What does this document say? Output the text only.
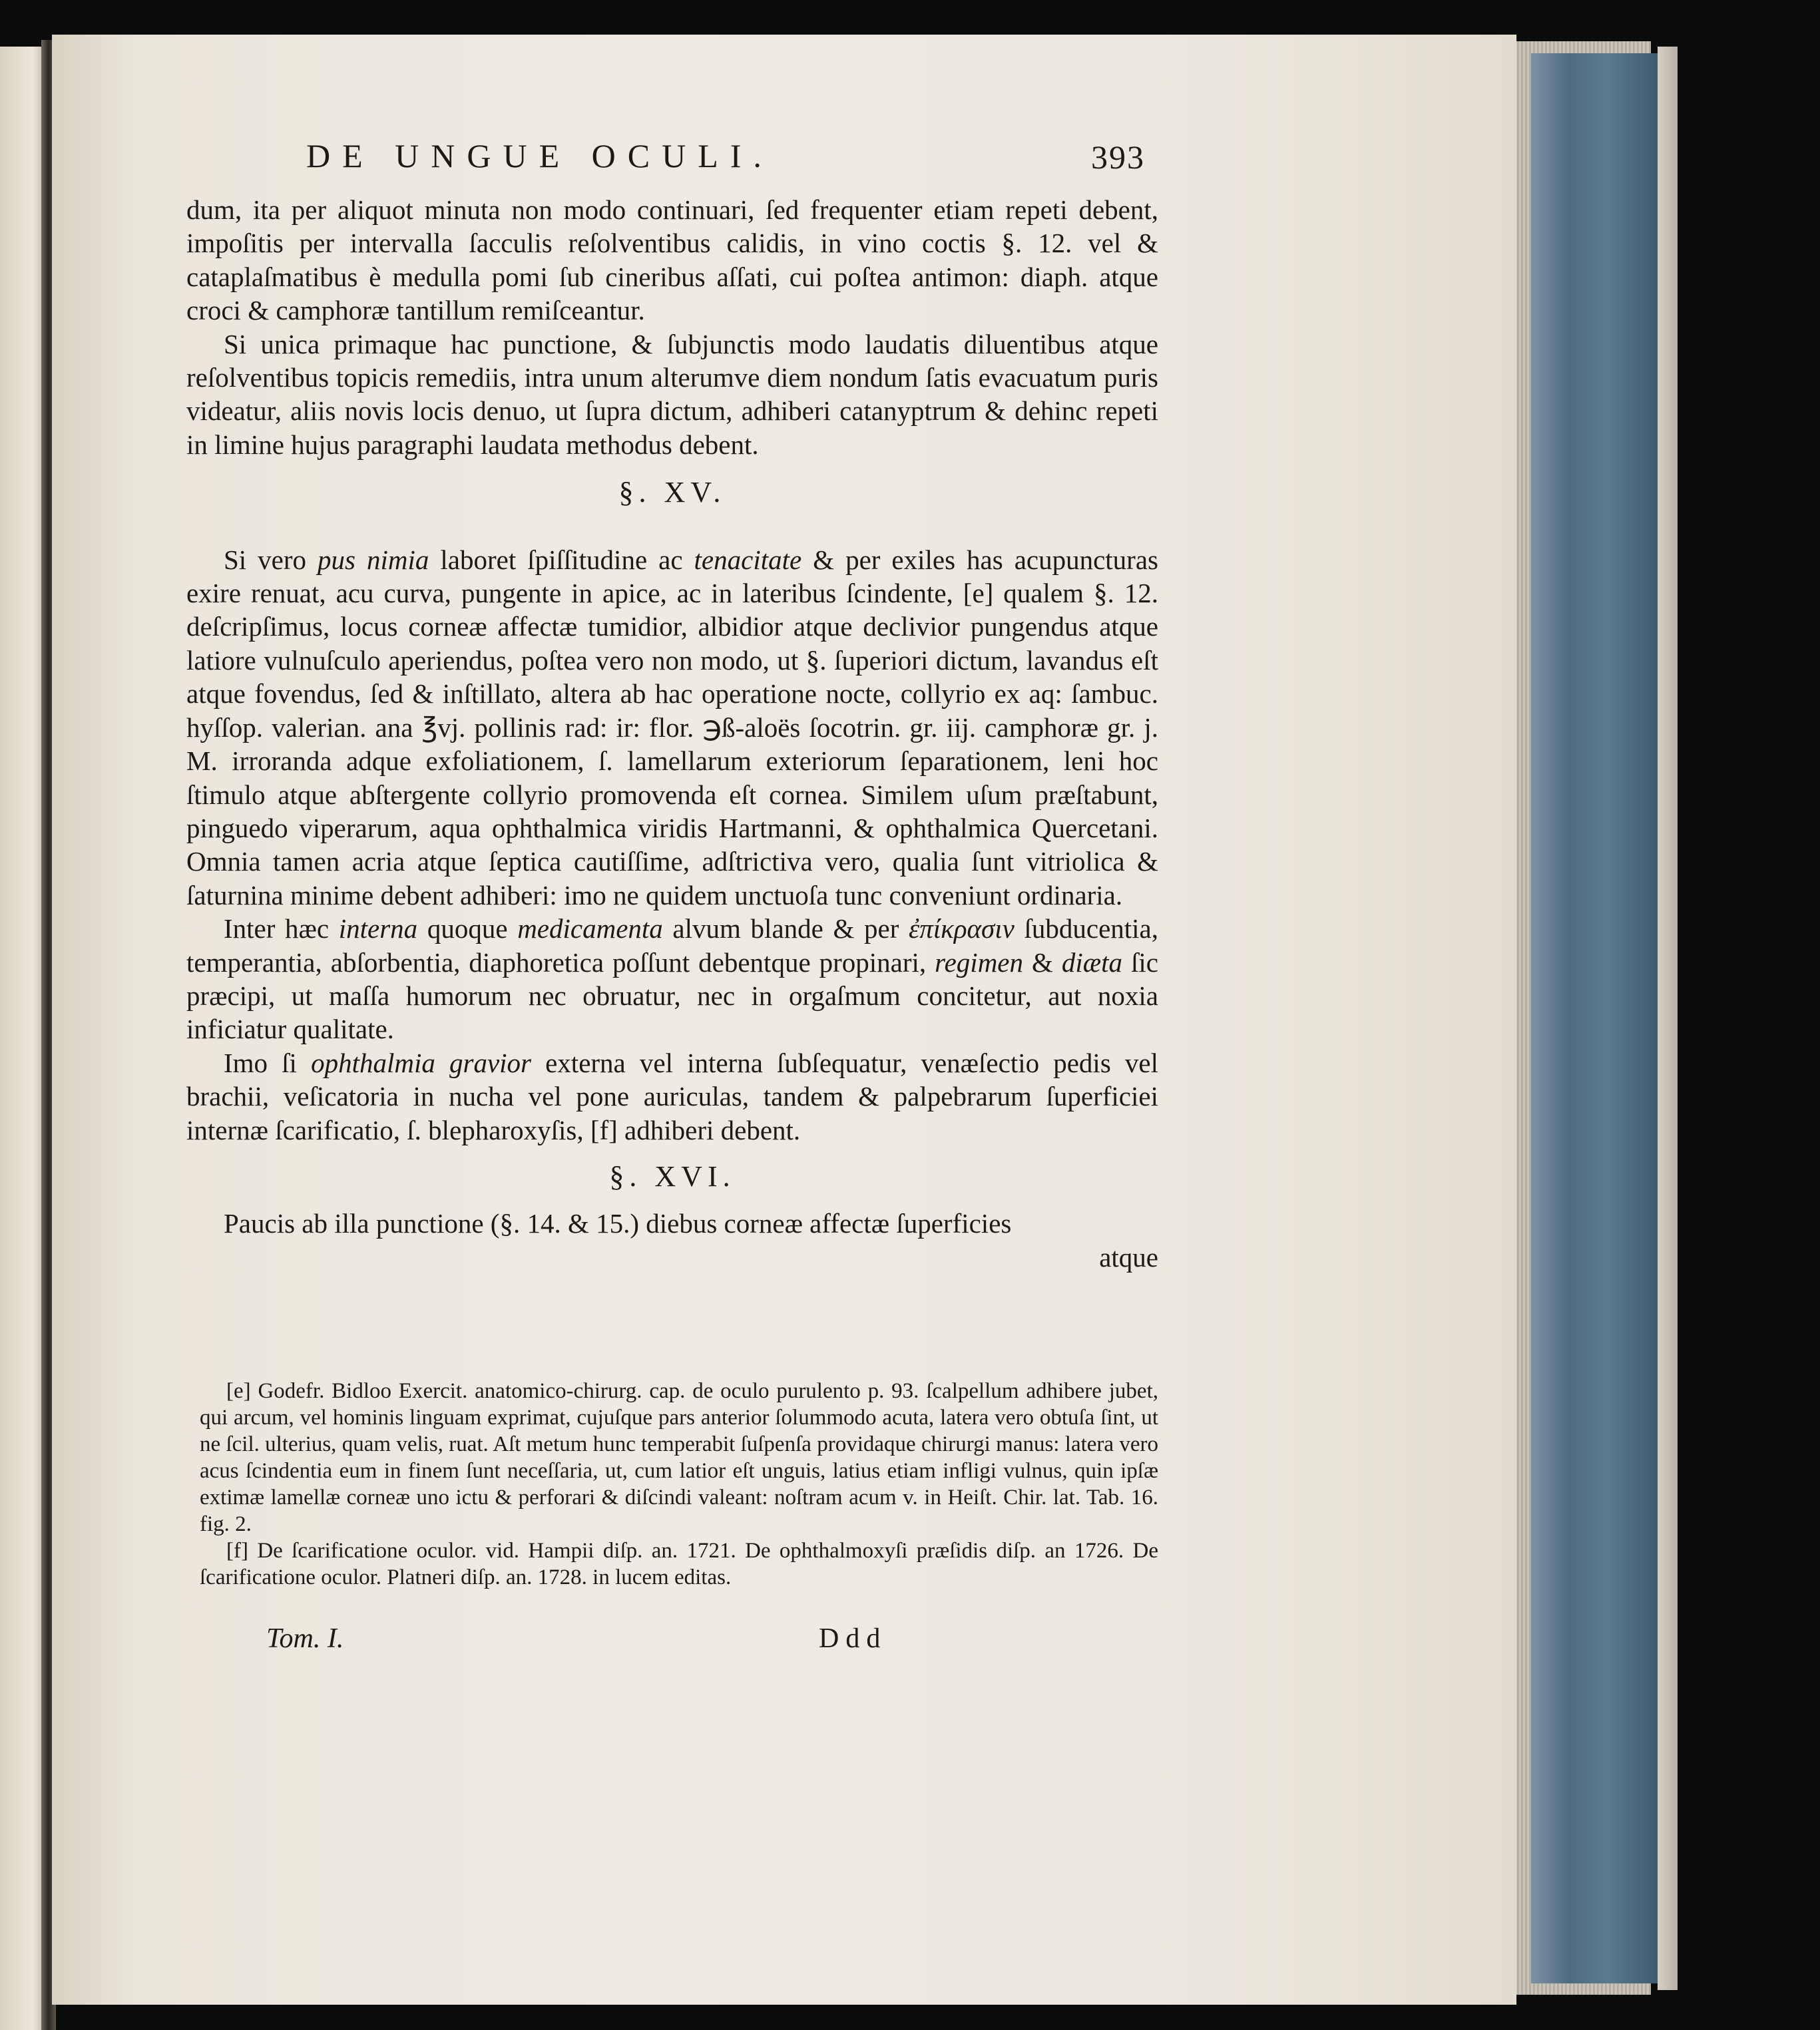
DE UNGUE OCULI.	393

dum, ita per aliquot minuta non modo continuari, ſed frequenter etiam repeti debent, impoſitis per intervalla ſacculis reſolventibus calidis, in vino coctis §. 12. vel & cataplaſmatibus è medulla pomi ſub cineribus aſſati, cui poſtea antimon: diaph. atque croci & camphoræ tantillum remiſceantur.

Si unica primaque hac punctione, & ſubjunctis modo laudatis diluentibus atque reſolventibus topicis remediis, intra unum alterumve diem nondum ſatis evacuatum puris videatur, aliis novis locis denuo, ut ſupra dictum, adhiberi catanyptrum & dehinc repeti in limine hujus paragraphi laudata methodus debent.

§. XV.

Si vero pus nimia laboret ſpiſſitudine ac tenacitate & per exiles has acupuncturas exire renuat, acu curva, pungente in apice, ac in lateribus ſcindente, [e] qualem §. 12. deſcripſimus, locus corneæ affectæ tumidior, albidior atque declivior pungendus atque latiore vulnuſculo aperiendus, poſtea vero non modo, ut §. ſuperiori dictum, lavandus eſt atque fovendus, ſed & inſtillato, altera ab hac operatione nocte, collyrio ex aq: ſambuc. hyſſop. valerian. ana ℥vj. pollinis rad: ir: flor. ℈ß-aloës ſocotrin. gr. iij. camphoræ gr. j. M. irroranda adque exfoliationem, ſ. lamellarum exteriorum ſeparationem, leni hoc ſtimulo atque abſtergente collyrio promovenda eſt cornea. Similem uſum præſtabunt, pinguedo viperarum, aqua ophthalmica viridis Hartmanni, & ophthalmica Quercetani. Omnia tamen acria atque ſeptica cautiſſime, adſtrictiva vero, qualia ſunt vitriolica & ſaturnina minime debent adhiberi: imo ne quidem unctuoſa tunc conveniunt ordinaria.

Inter hæc interna quoque medicamenta alvum blande & per ἐπίκρασιν ſubducentia, temperantia, abſorbentia, diaphoretica poſſunt debentque propinari, regimen & diæta ſic præcipi, ut maſſa humorum nec obruatur, nec in orgaſmum concitetur, aut noxia inficiatur qualitate.

Imo ſi ophthalmia gravior externa vel interna ſubſequatur, venæſectio pedis vel brachii, veſicatoria in nucha vel pone auriculas, tandem & palpebrarum ſuperficiei internæ ſcarificatio, ſ. blepharoxyſis, [f] adhiberi debent.

§. XVI.

Paucis ab illa punctione (§. 14. & 15.) diebus corneæ affectæ ſuperficies

atque

[e] Godefr. Bidloo Exercit. anatomico-chirurg. cap. de oculo purulento p. 93. ſcalpellum adhibere jubet, qui arcum, vel hominis linguam exprimat, cujuſque pars anterior ſolummodo acuta, latera vero obtuſa ſint, ut ne ſcil. ulterius, quam velis, ruat. Aſt metum hunc temperabit ſuſpenſa providaque chirurgi manus: latera vero acus ſcindentia eum in finem ſunt neceſſaria, ut, cum latior eſt unguis, latius etiam infligi vulnus, quin ipſæ extimæ lamellæ corneæ uno ictu & perforari & diſcindi valeant: noſtram acum v. in Heiſt. Chir. lat. Tab. 16. fig. 2.

[f] De ſcarificatione oculor. vid. Hampii diſp. an. 1721. De ophthalmoxyſi præſidis diſp. an 1726. De ſcarificatione oculor. Platneri diſp. an. 1728. in lucem editas.

Tom. I.	Ddd
